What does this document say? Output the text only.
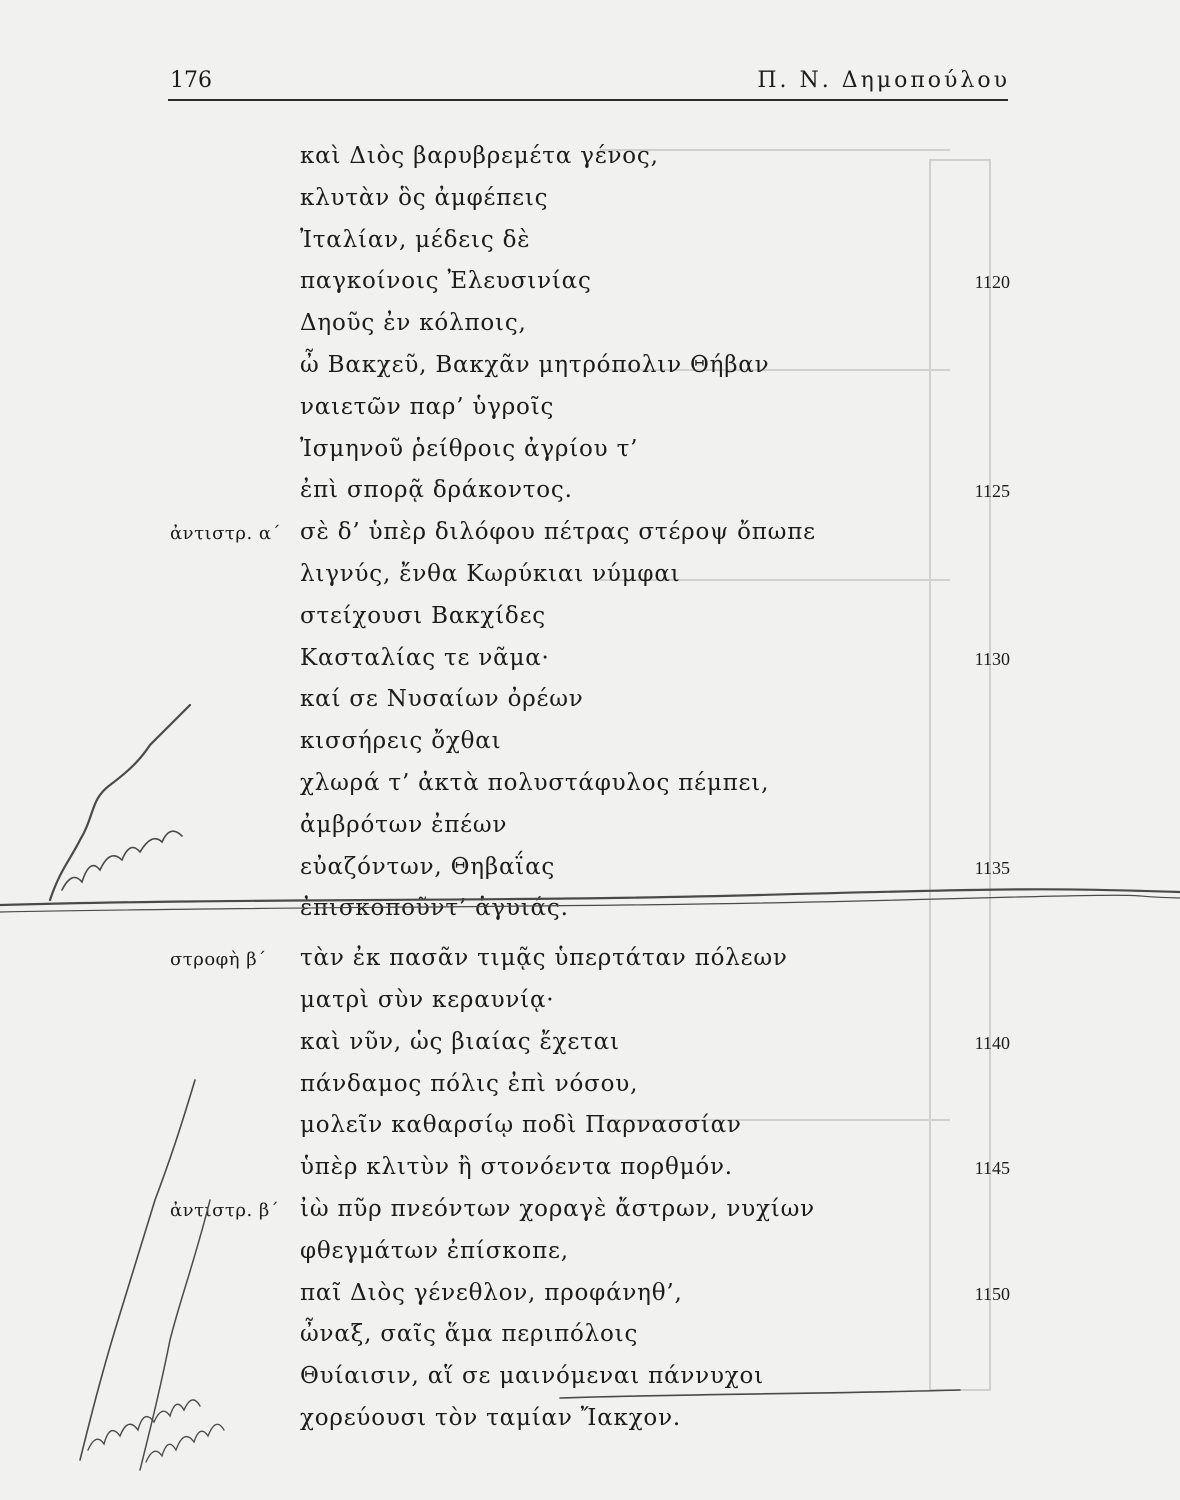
176	Π. Ν. Δημοπούλου
καὶ Διὸς βαρυβρεμέτα γένος,
κλυτὰν ὃς ἀμφέπεις
Ἰταλίαν, μέδεις δὲ
παγκοίνοις Ἐλευσινίας	1120
Δηοῦς ἐν κόλποις,
ὦ Βακχεῦ, Βακχᾶν μητρόπολιν Θήβαν
ναιετῶν παρ’ ὑγροῖς
Ἰσμηνοῦ ῥείθροις ἀγρίου τ’
ἐπὶ σπορᾷ δράκοντος.	1125
σὲ δ’ ὑπὲρ διλόφου πέτρας στέροψ ὄπωπε
λιγνύς, ἔνθα Κωρύκιαι νύμφαι
στείχουσι Βακχίδες
Κασταλίας τε νᾶμα·	1130
καί σε Νυσαίων ὀρέων
κισσήρεις ὄχθαι
χλωρά τ’ ἀκτὰ πολυστάφυλος πέμπει,
ἀμβρότων ἐπέων
εὐαζόντων, Θηβαΐας	1135
ἐπισκοποῦντ’ ἀγυιάς.
τὰν ἐκ πασᾶν τιμᾷς ὑπερτάταν πόλεων
ματρὶ σὺν κεραυνίᾳ·
καὶ νῦν, ὡς βιαίας ἔχεται	1140
πάνδαμος πόλις ἐπὶ νόσου,
μολεῖν καθαρσίῳ ποδὶ Παρνασσίαν
ὑπὲρ κλιτὺν ἢ στονόεντα πορθμόν.	1145
ἰὼ πῦρ πνεόντων χοραγὲ ἄστρων, νυχίων
φθεγμάτων ἐπίσκοπε,
παῖ Διὸς γένεθλον, προφάνηθ’,	1150
ὦναξ, σαῖς ἅμα περιπόλοις
Θυίαισιν, αἵ σε μαινόμεναι πάννυχοι
χορεύουσι τὸν ταμίαν Ἴακχον.
ἀντιστρ. α΄
στροφὴ β΄
ἀντιστρ. β΄
